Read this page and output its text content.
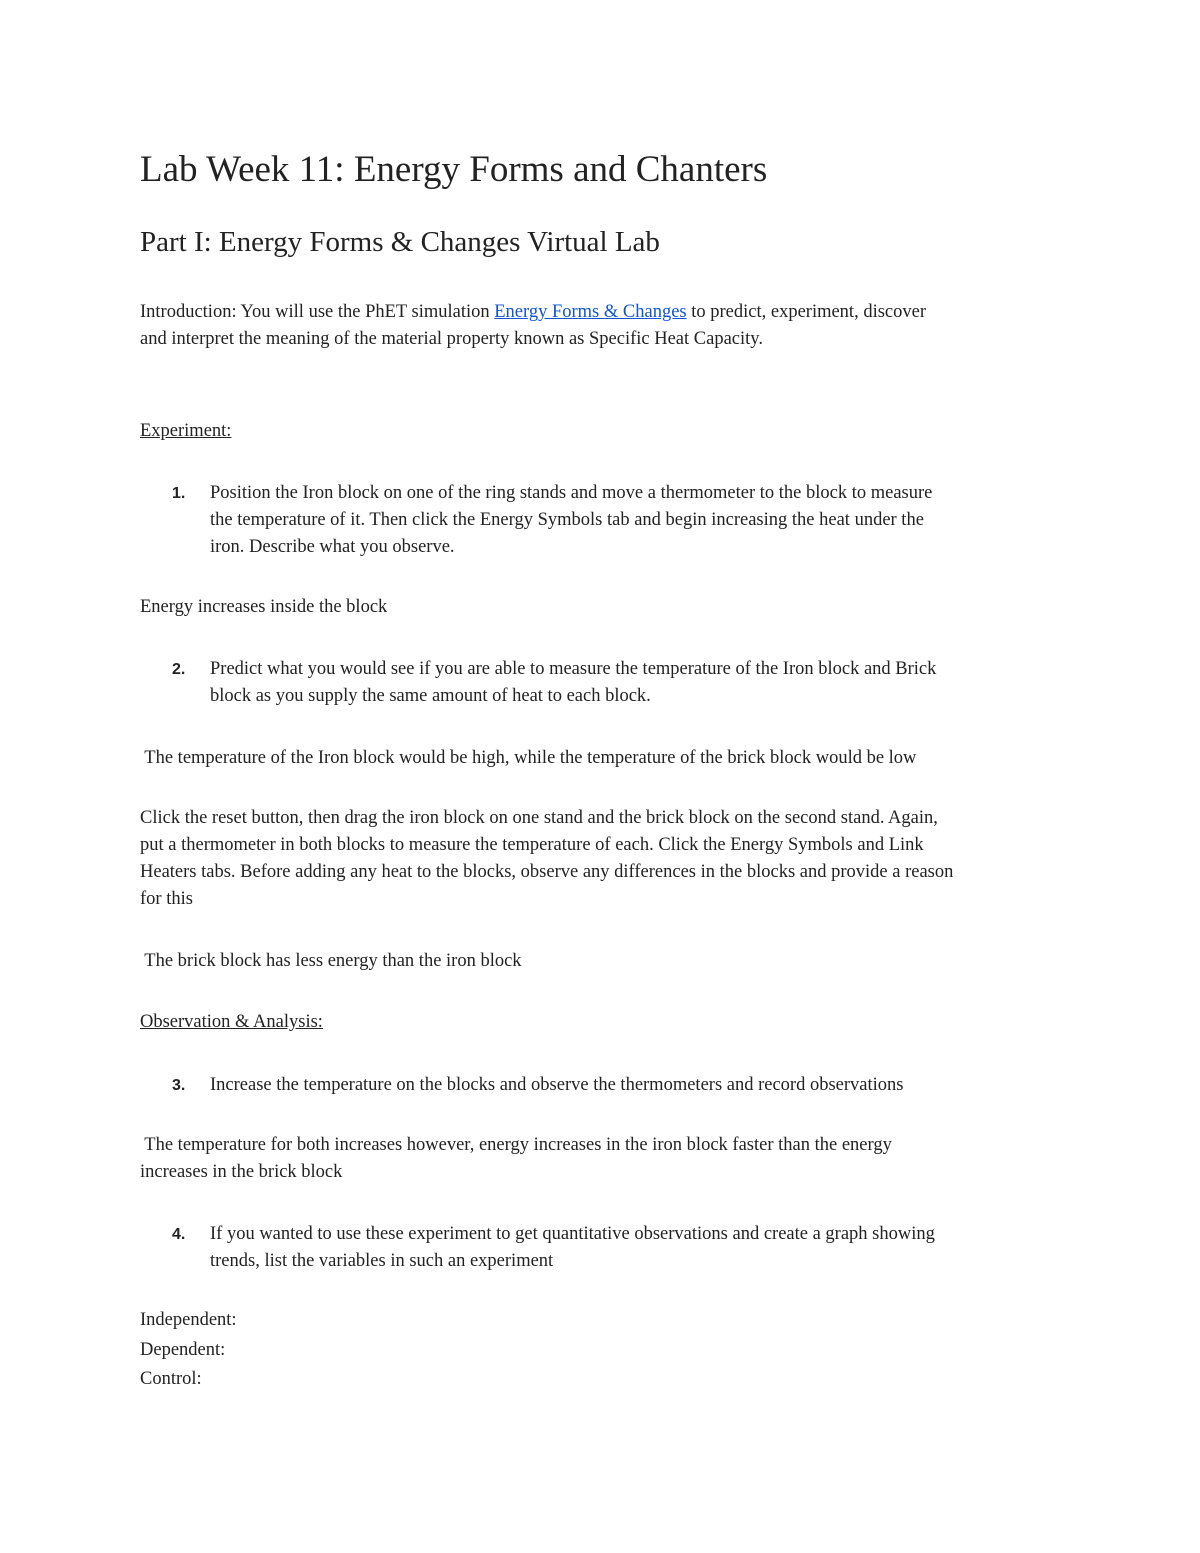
Lab Week 11: Energy Forms and Chanters
Part I: Energy Forms & Changes Virtual Lab

Introduction: You will use the PhET simulation Energy Forms & Changes to predict, experiment, discover

and interpret the meaning of the material property known as Specific Heat Capacity.

Experiment:

1. Position the Iron block on one of the ring stands and move a thermometer to the block to measure

the temperature of it. Then click the Energy Symbols tab and begin increasing the heat under the

iron. Describe what you observe.

Energy increases inside the block

2. Predict what you would see if you are able to measure the temperature of the Iron block and Brick

block as you supply the same amount of heat to each block.

The temperature of the Iron block would be high, while the temperature of the brick block would be low

Click the reset button, then drag the iron block on one stand and the brick block on the second stand. Again,

put a thermometer in both blocks to measure the temperature of each. Click the Energy Symbols and Link

Heaters tabs. Before adding any heat to the blocks, observe any differences in the blocks and provide a reason

for this

The brick block has less energy than the iron block

Observation & Analysis:

3. Increase the temperature on the blocks and observe the thermometers and record observations

The temperature for both increases however, energy increases in the iron block faster than the energy

increases in the brick block

4. If you wanted to use these experiment to get quantitative observations and create a graph showing

trends, list the variables in such an experiment

Independent:

Dependent:

Control:
